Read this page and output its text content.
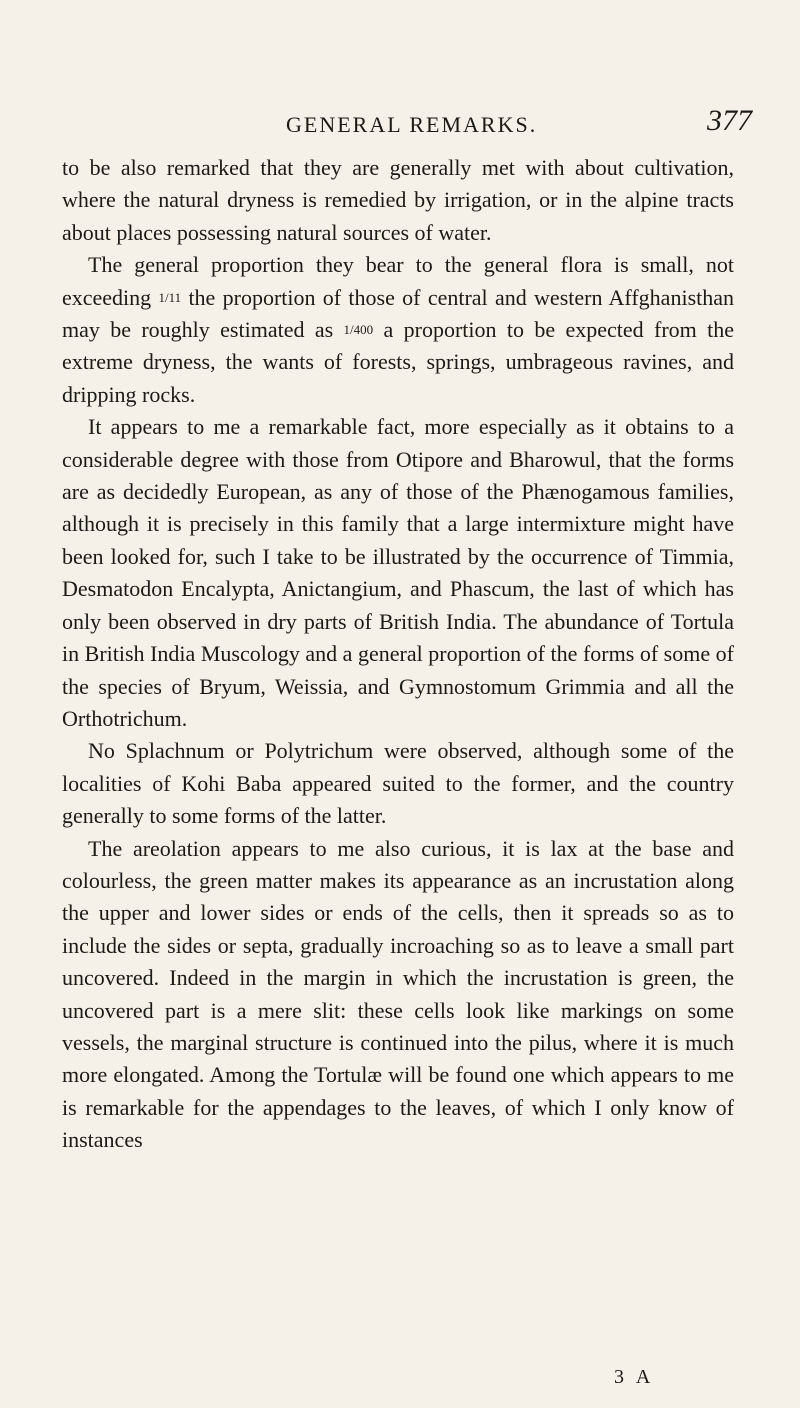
GENERAL REMARKS.	377

to be also remarked that they are generally met with about cultivation, where the natural dryness is remedied by irrigation, or in the alpine tracts about places possessing natural sources of water.

The general proportion they bear to the general flora is small, not exceeding 1/11 the proportion of those of central and western Affghanisthan may be roughly estimated as 1/400 a proportion to be expected from the extreme dryness, the wants of forests, springs, umbrageous ravines, and dripping rocks.

It appears to me a remarkable fact, more especially as it obtains to a considerable degree with those from Otipore and Bharowul, that the forms are as decidedly European, as any of those of the Phænogamous families, although it is precisely in this family that a large intermixture might have been looked for, such I take to be illustrated by the occurrence of Timmia, Desmatodon Encalypta, Anictangium, and Phascum, the last of which has only been observed in dry parts of British India. The abundance of Tortula in British India Muscology and a general proportion of the forms of some of the species of Bryum, Weissia, and Gymnostomum Grimmia and all the Orthotrichum.

No Splachnum or Polytrichum were observed, although some of the localities of Kohi Baba appeared suited to the former, and the country generally to some forms of the latter.

The areolation appears to me also curious, it is lax at the base and colourless, the green matter makes its appearance as an incrustation along the upper and lower sides or ends of the cells, then it spreads so as to include the sides or septa, gradually incroaching so as to leave a small part uncovered. Indeed in the margin in which the incrustation is green, the uncovered part is a mere slit: these cells look like markings on some vessels, the marginal structure is continued into the pilus, where it is much more elongated. Among the Tortulæ will be found one which appears to me is remarkable for the appendages to the leaves, of which I only know of instances

3 A
